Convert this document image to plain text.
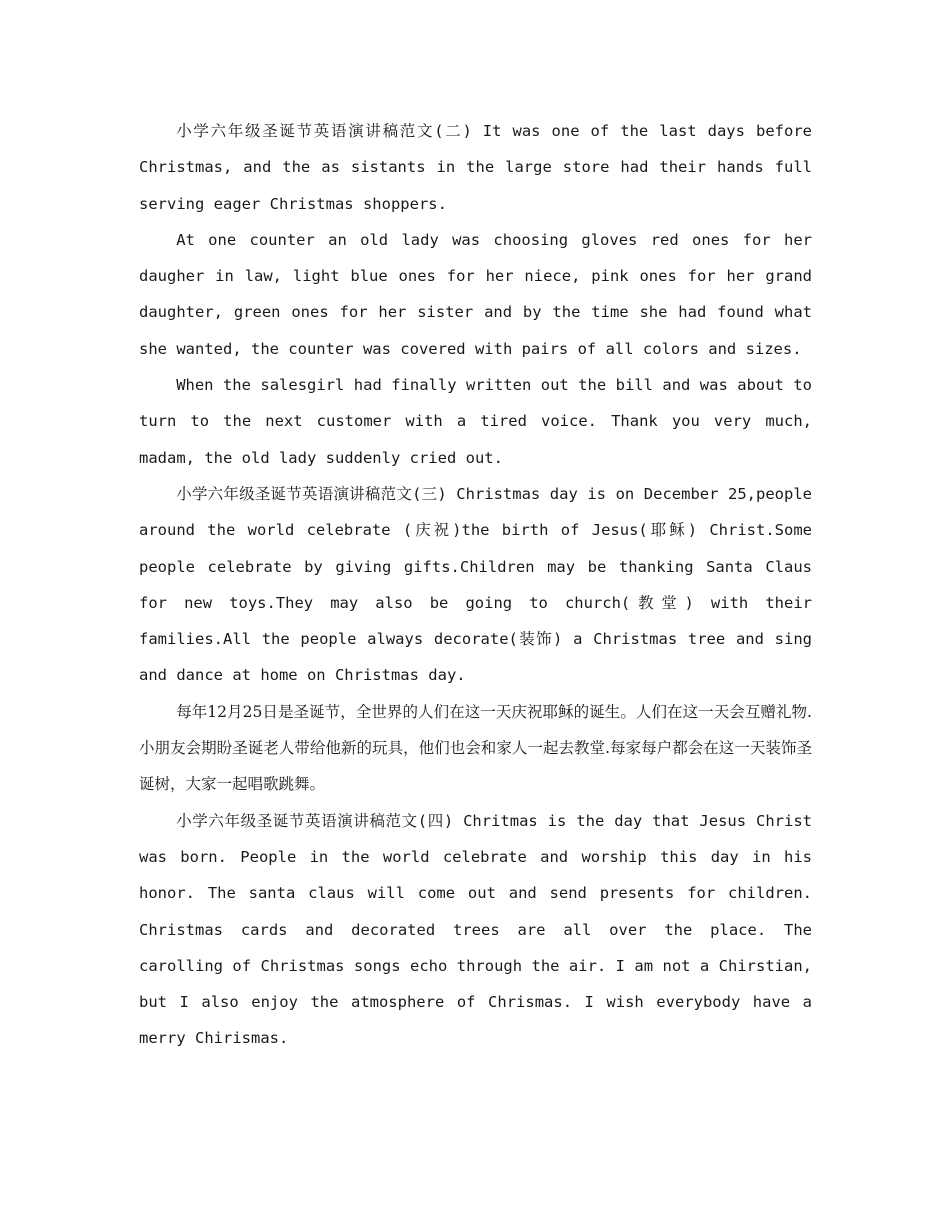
小学六年级圣诞节英语演讲稿范文(二) It was one of the last days before Christmas, and the as sistants in the large store had their hands full serving eager Christmas shoppers.

At one counter an old lady was choosing gloves red ones for her daugher in law, light blue ones for her niece, pink ones for her grand daughter, green ones for her sister and by the time she had found what she wanted, the counter was covered with pairs of all colors and sizes.

When the salesgirl had finally written out the bill and was about to turn to the next customer with a tired voice. Thank you very much, madam, the old lady suddenly cried out.

小学六年级圣诞节英语演讲稿范文(三) Christmas day is on December 25,people around the world celebrate (庆祝)the birth of Jesus(耶稣) Christ.Some people celebrate by giving gifts.Children may be thanking Santa Claus for new toys.They may also be going to church(教堂) with their families.All the people always decorate(装饰) a Christmas tree and sing and dance at home on Christmas day.

每年12月25日是圣诞节，全世界的人们在这一天庆祝耶稣的诞生。人们在这一天会互赠礼物.小朋友会期盼圣诞老人带给他新的玩具，他们也会和家人一起去教堂.每家每户都会在这一天装饰圣诞树，大家一起唱歌跳舞。

小学六年级圣诞节英语演讲稿范文(四) Chritmas is the day that Jesus Christ was born. People in the world celebrate and worship this day in his honor. The santa claus will come out and send presents for children. Christmas cards and decorated trees are all over the place. The carolling of Christmas songs echo through the air. I am not a Chirstian, but I also enjoy the atmosphere of Chrismas. I wish everybody have a merry Chirismas.
